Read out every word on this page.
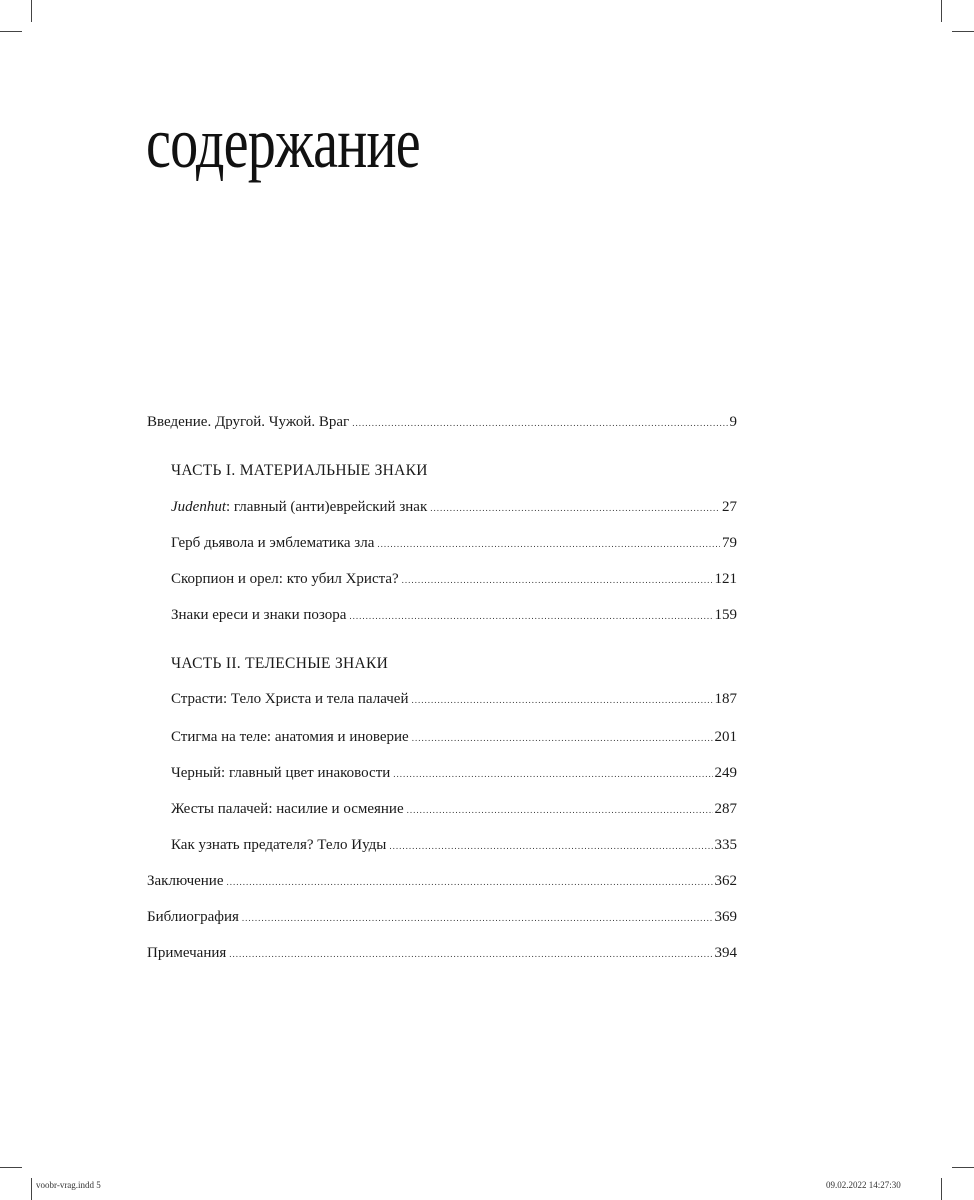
содержание
Введение. Другой. Чужой. Враг .....	9
ЧАСТЬ I. МАТЕРИАЛЬНЫЕ ЗНАКИ
Judenhut: главный (анти)еврейский знак .....	27
Герб дьявола и эмблематика зла .....	79
Скорпион и орел: кто убил Христа? .....	121
Знаки ереси и знаки позора .....	159
ЧАСТЬ II. ТЕЛЕСНЫЕ ЗНАКИ
Страсти: Тело Христа и тела палачей .....	187
Стигма на теле: анатомия и иноверие .....	201
Черный: главный цвет инаковости .....	249
Жесты палачей: насилие и осмеяние .....	287
Как узнать предателя? Тело Иуды .....	335
Заключение .....	362
Библиография .....	369
Примечания .....	394
voobr-vrag.indd 5	09.02.2022 14:27:30
